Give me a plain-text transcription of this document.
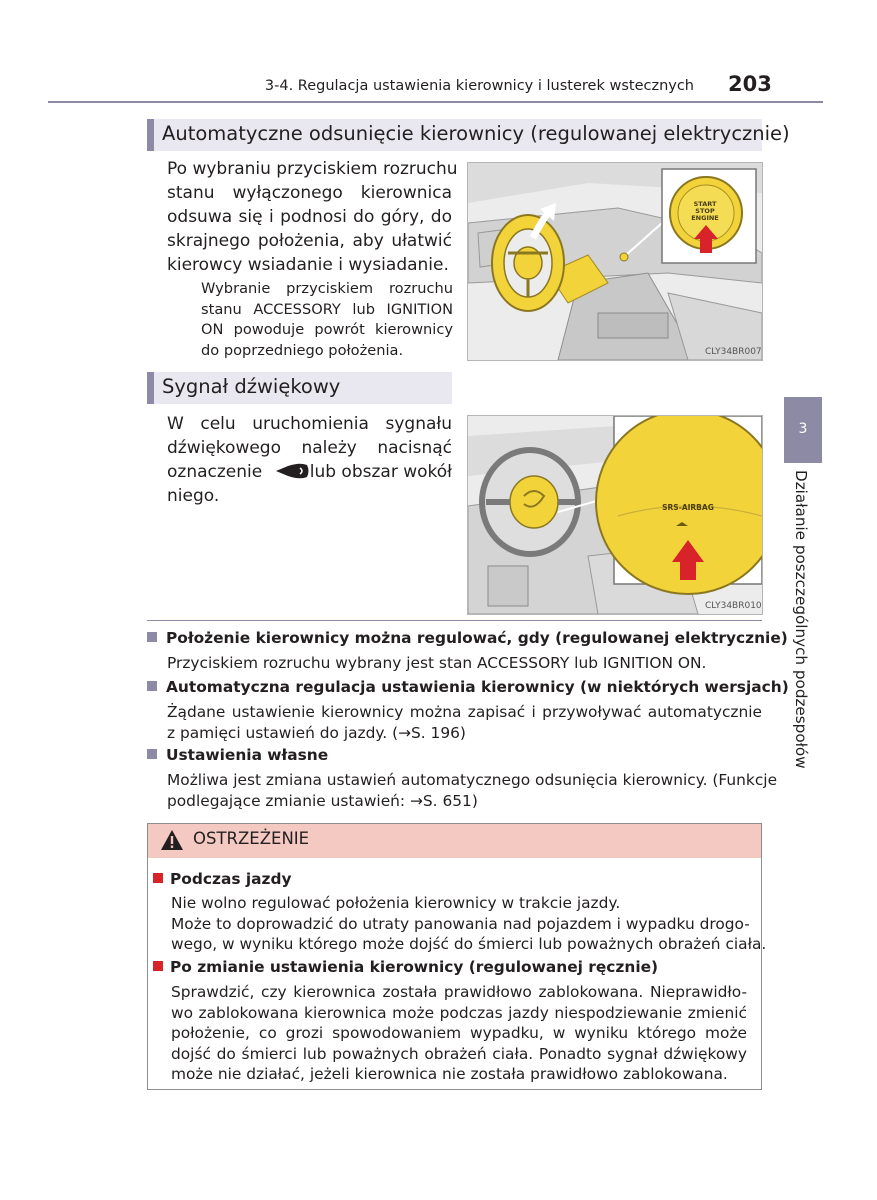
3-4. Regulacja ustawienia kierownicy i lusterek wstecznych 203
Automatyczne odsunięcie kierownicy (regulowanej elektrycznie)
Po wybraniu przyciskiem rozruchu
stanu wyłączonego kierownica
odsuwa się i podnosi do góry, do
skrajnego położenia, aby ułatwić
kierowcy wsiadanie i wysiadanie.
Wybranie przyciskiem rozruchu
stanu ACCESSORY lub IGNITION
ON powoduje powrót kierownicy
do poprzedniego położenia.
START
STOP
ENGINE
CLY34BR007
Sygnał dźwiękowy
W celu uruchomienia sygnału
dźwiękowego należy nacisnąć
oznaczenie	lub obszar wokół
niego.
SRS-AIRBAG
CLY34BR010
Położenie kierownicy można regulować, gdy (regulowanej elektrycznie)
Przyciskiem rozruchu wybrany jest stan ACCESSORY lub IGNITION ON.
Automatyczna regulacja ustawienia kierownicy (w niektórych wersjach)
Żądane ustawienie kierownicy można zapisać i przywoływać automatycznie
z pamięci ustawień do jazdy. (→S. 196)
Ustawienia własne
Możliwa jest zmiana ustawień automatycznego odsunięcia kierownicy. (Funkcje
podlegające zmianie ustawień: →S. 651)
OSTRZEŻENIE
Podczas jazdy
Nie wolno regulować położenia kierownicy w trakcie jazdy.
Może to doprowadzić do utraty panowania nad pojazdem i wypadku drogo-
wego, w wyniku którego może dojść do śmierci lub poważnych obrażeń ciała.
Po zmianie ustawienia kierownicy (regulowanej ręcznie)
Sprawdzić, czy kierownica została prawidłowo zablokowana. Nieprawidło-
wo zablokowana kierownica może podczas jazdy niespodziewanie zmienić
położenie, co grozi spowodowaniem wypadku, w wyniku którego może
dojść do śmierci lub poważnych obrażeń ciała. Ponadto sygnał dźwiękowy
może nie działać, jeżeli kierownica nie została prawidłowo zablokowana.
3
Działanie poszczególnych podzespołów
